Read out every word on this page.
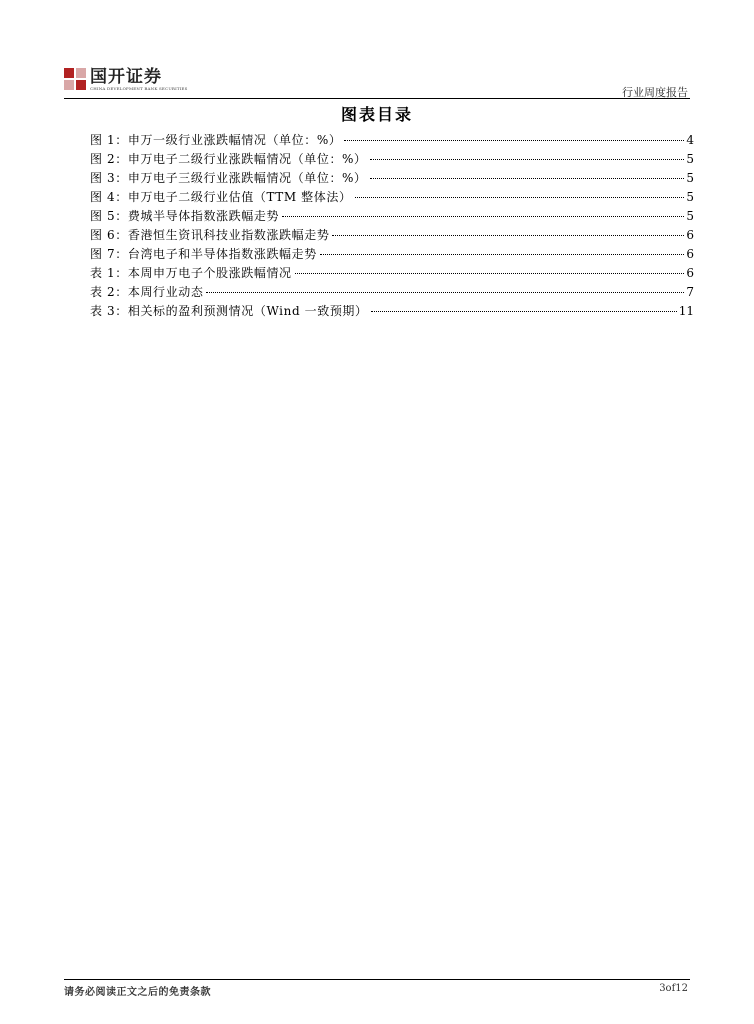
国开证券
CHINA DEVELOPMENT BANK SECURITIES	行业周度报告
图表目录
图 1：申万一级行业涨跌幅情况（单位：%）	4
图 2：申万电子二级行业涨跌幅情况（单位：%）	5
图 3：申万电子三级行业涨跌幅情况（单位：%）	5
图 4：申万电子二级行业估值（TTM 整体法）	5
图 5：费城半导体指数涨跌幅走势	5
图 6：香港恒生资讯科技业指数涨跌幅走势	6
图 7：台湾电子和半导体指数涨跌幅走势	6
表 1：本周申万电子个股涨跌幅情况	6
表 2：本周行业动态	7
表 3：相关标的盈利预测情况（Wind 一致预期）	11
请务必阅读正文之后的免责条款	3of12
